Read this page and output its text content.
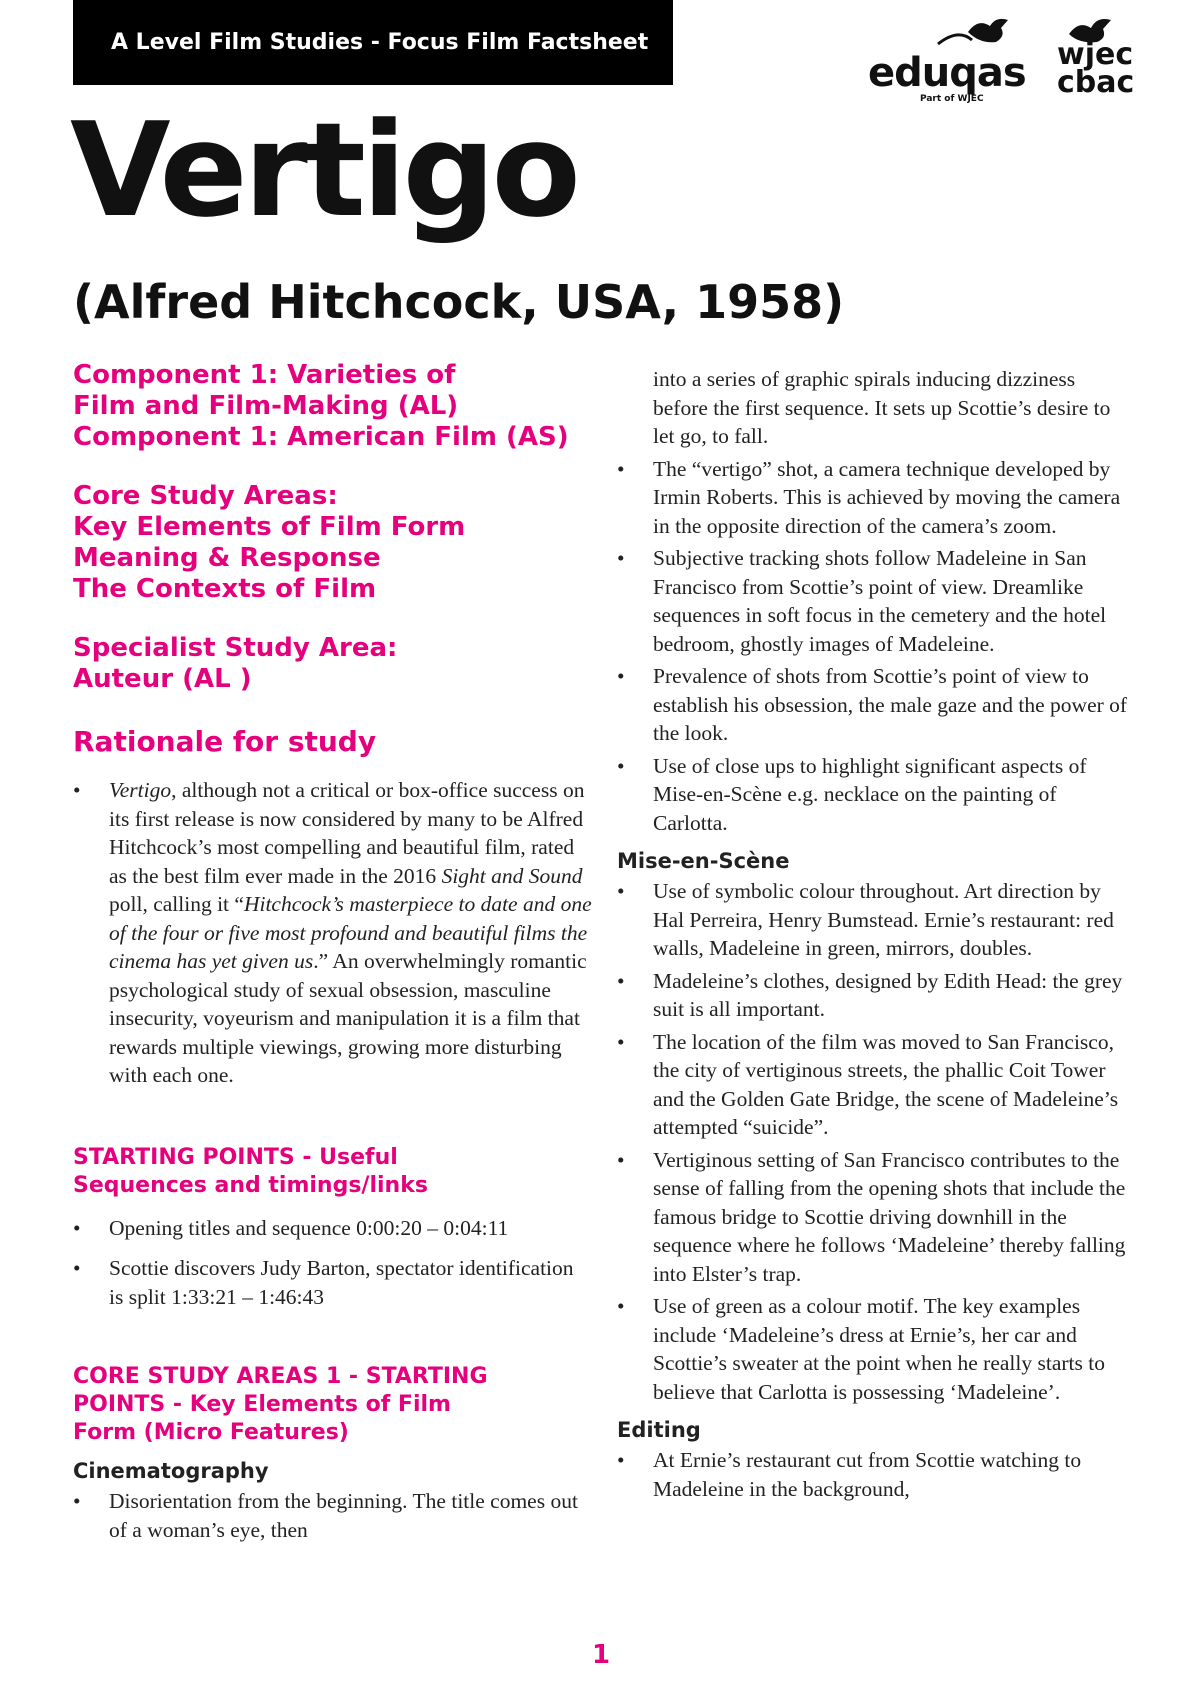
A Level Film Studies - Focus Film Factsheet
eduqas
Part of WJEC
wjec
cbac
Vertigo
(Alfred Hitchcock, USA, 1958)
Component 1: Varieties of
Film and Film-Making (AL)
Component 1: American Film (AS)
Core Study Areas:
Key Elements of Film Form
Meaning & Response
The Contexts of Film
Specialist Study Area:
Auteur (AL )
Rationale for study
• Vertigo, although not a critical or box-office success on its first release is now considered by many to be Alfred Hitchcock’s most compelling and beautiful film, rated as the best film ever made in the 2016 Sight and Sound poll, calling it “Hitchcock’s masterpiece to date and one of the four or five most profound and beautiful films the cinema has yet given us.” An overwhelmingly romantic psychological study of sexual obsession, masculine insecurity, voyeurism and manipulation it is a film that rewards multiple viewings, growing more disturbing with each one.
STARTING POINTS - Useful
Sequences and timings/links
• Opening titles and sequence 0:00:20 – 0:04:11
• Scottie discovers Judy Barton, spectator identification is split 1:33:21 – 1:46:43
CORE STUDY AREAS 1 - STARTING
POINTS - Key Elements of Film
Form (Micro Features)
Cinematography
• Disorientation from the beginning. The title comes out of a woman’s eye, then
into a series of graphic spirals inducing dizziness before the first sequence. It sets up Scottie’s desire to let go, to fall.
• The “vertigo” shot, a camera technique developed by Irmin Roberts. This is achieved by moving the camera in the opposite direction of the camera’s zoom.
• Subjective tracking shots follow Madeleine in San Francisco from Scottie’s point of view. Dreamlike sequences in soft focus in the cemetery and the hotel bedroom, ghostly images of Madeleine.
• Prevalence of shots from Scottie’s point of view to establish his obsession, the male gaze and the power of the look.
• Use of close ups to highlight significant aspects of Mise-en-Scène e.g. necklace on the painting of Carlotta.
Mise-en-Scène
• Use of symbolic colour throughout. Art direction by Hal Perreira, Henry Bumstead. Ernie’s restaurant: red walls, Madeleine in green, mirrors, doubles.
• Madeleine’s clothes, designed by Edith Head: the grey suit is all important.
• The location of the film was moved to San Francisco, the city of vertiginous streets, the phallic Coit Tower and the Golden Gate Bridge, the scene of Madeleine’s attempted “suicide”.
• Vertiginous setting of San Francisco contributes to the sense of falling from the opening shots that include the famous bridge to Scottie driving downhill in the sequence where he follows ‘Madeleine’ thereby falling into Elster’s trap.
• Use of green as a colour motif. The key examples include ‘Madeleine’s dress at Ernie’s, her car and Scottie’s sweater at the point when he really starts to believe that Carlotta is possessing ‘Madeleine’.
Editing
• At Ernie’s restaurant cut from Scottie watching to Madeleine in the background,
1
